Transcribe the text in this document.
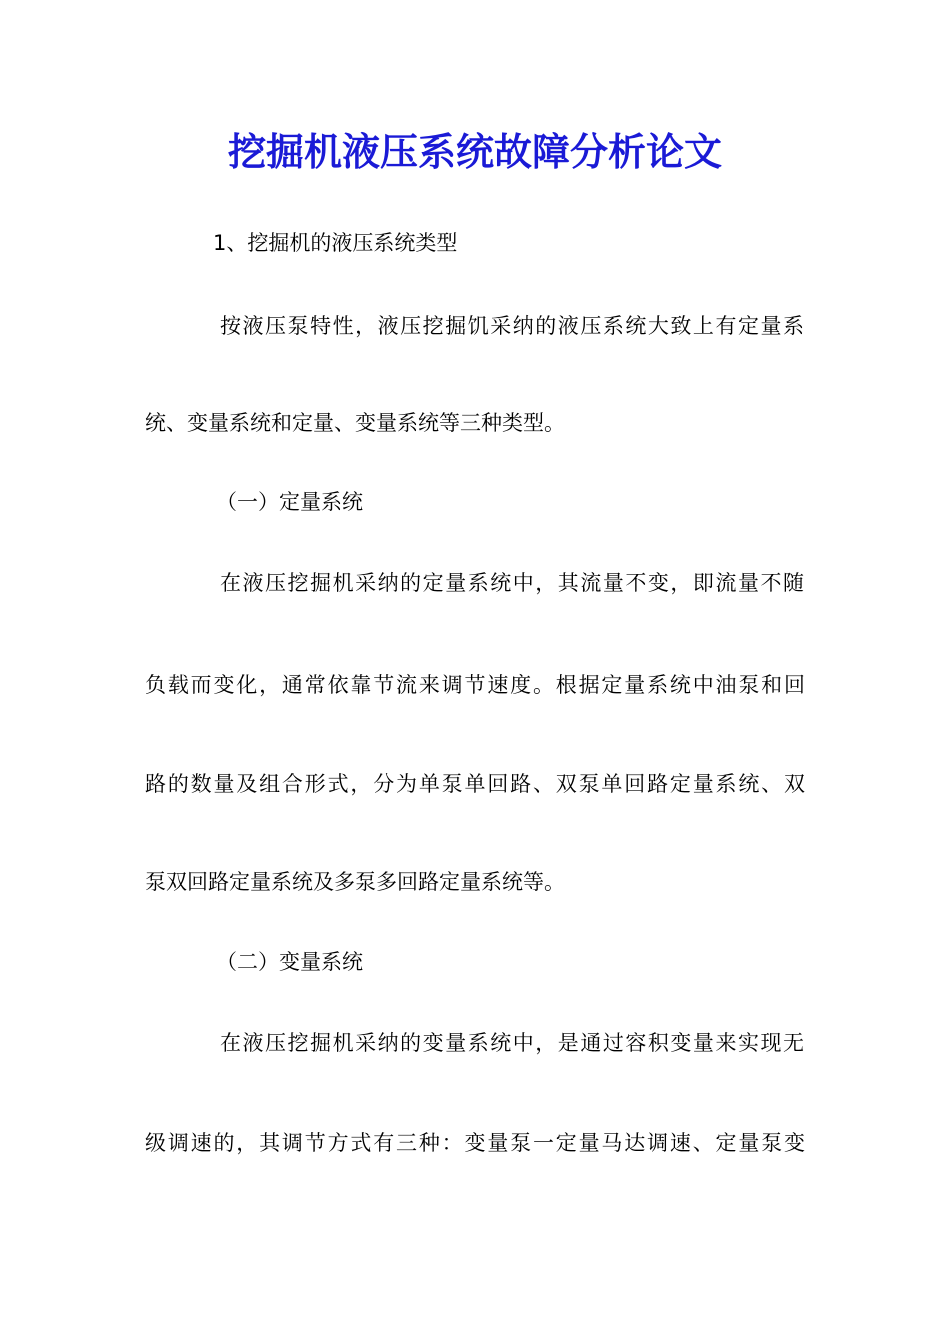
挖掘机液压系统故障分析论文
1、挖掘机的液压系统类型
按液压泵特性，液压挖掘饥采纳的液压系统大致上有定量系
统、变量系统和定量、变量系统等三种类型。
（一）定量系统
在液压挖掘机采纳的定量系统中，其流量不变，即流量不随
负载而变化，通常依靠节流来调节速度。根据定量系统中油泵和回
路的数量及组合形式，分为单泵单回路、双泵单回路定量系统、双
泵双回路定量系统及多泵多回路定量系统等。
（二）变量系统
在液压挖掘机采纳的变量系统中，是通过容积变量来实现无
级调速的，其调节方式有三种：变量泵一定量马达调速、定量泵变
